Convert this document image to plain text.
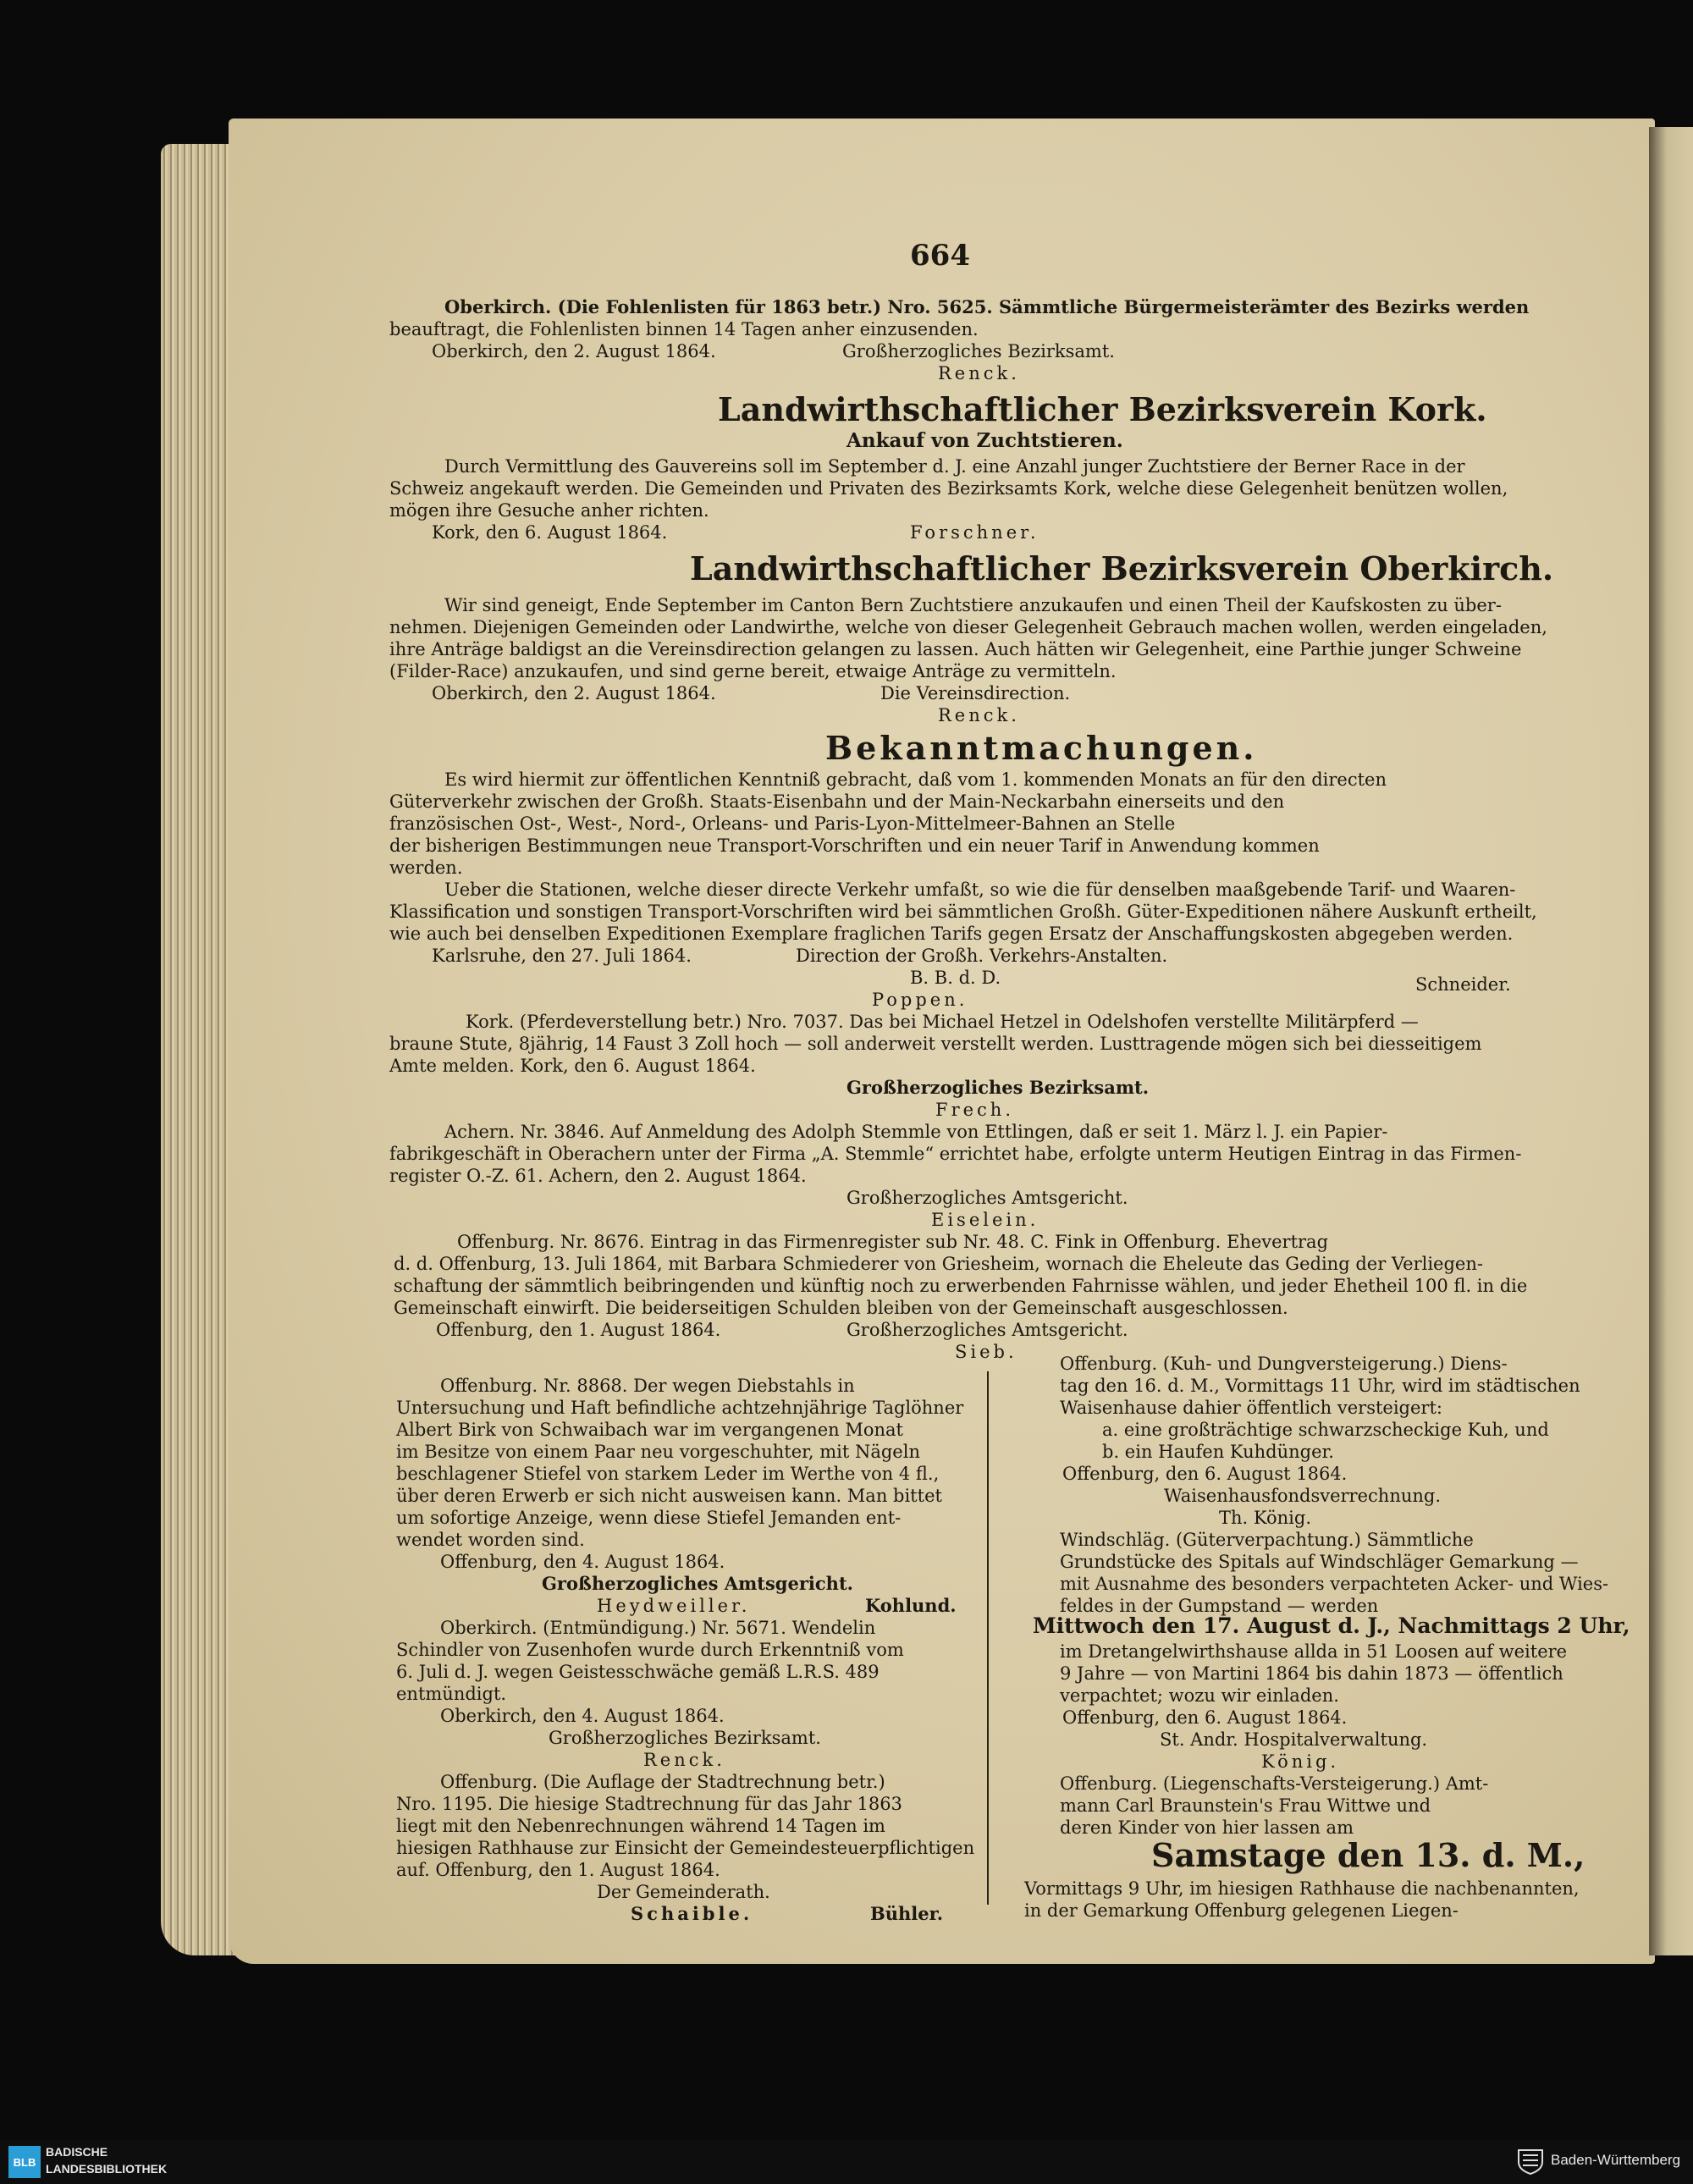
664
Oberkirch. (Die Fohlenlisten für 1863 betr.) Nro. 5625. Sämmtliche Bürgermeisterämter des Bezirks werden
beauftragt, die Fohlenlisten binnen 14 Tagen anher einzusenden.
Oberkirch, den 2. August 1864.	Großherzogliches Bezirksamt.
Renck.
Landwirthschaftlicher Bezirksverein Kork.
Ankauf von Zuchtstieren.
Durch Vermittlung des Gauvereins soll im September d. J. eine Anzahl junger Zuchtstiere der Berner Race in der
Schweiz angekauft werden. Die Gemeinden und Privaten des Bezirksamts Kork, welche diese Gelegenheit benützen wollen,
mögen ihre Gesuche anher richten.
Kork, den 6. August 1864.	Forschner.
Landwirthschaftlicher Bezirksverein Oberkirch.
Wir sind geneigt, Ende September im Canton Bern Zuchtstiere anzukaufen und einen Theil der Kaufskosten zu über-
nehmen. Diejenigen Gemeinden oder Landwirthe, welche von dieser Gelegenheit Gebrauch machen wollen, werden eingeladen,
ihre Anträge baldigst an die Vereinsdirection gelangen zu lassen. Auch hätten wir Gelegenheit, eine Parthie junger Schweine
(Filder-Race) anzukaufen, und sind gerne bereit, etwaige Anträge zu vermitteln.
Oberkirch, den 2. August 1864.	Die Vereinsdirection.
Renck.
Bekanntmachungen.
Es wird hiermit zur öffentlichen Kenntniß gebracht, daß vom 1. kommenden Monats an für den directen
Güterverkehr zwischen der Großh. Staats-Eisenbahn und der Main-Neckarbahn einerseits und den
französischen Ost-, West-, Nord-, Orleans- und Paris-Lyon-Mittelmeer-Bahnen an Stelle
der bisherigen Bestimmungen neue Transport-Vorschriften und ein neuer Tarif in Anwendung kommen
werden.
Ueber die Stationen, welche dieser directe Verkehr umfaßt, so wie die für denselben maaßgebende Tarif- und Waaren-
Klassification und sonstigen Transport-Vorschriften wird bei sämmtlichen Großh. Güter-Expeditionen nähere Auskunft ertheilt,
wie auch bei denselben Expeditionen Exemplare fraglichen Tarifs gegen Ersatz der Anschaffungskosten abgegeben werden.
Karlsruhe, den 27. Juli 1864.	Direction der Großh. Verkehrs-Anstalten.
B. B. d. D.	Schneider.
Poppen.
Kork. (Pferdeverstellung betr.) Nro. 7037. Das bei Michael Hetzel in Odelshofen verstellte Militärpferd —
braune Stute, 8jährig, 14 Faust 3 Zoll hoch — soll anderweit verstellt werden. Lusttragende mögen sich bei diesseitigem
Amte melden. Kork, den 6. August 1864.
Großherzogliches Bezirksamt.
Frech.
Achern. Nr. 3846. Auf Anmeldung des Adolph Stemmle von Ettlingen, daß er seit 1. März l. J. ein Papier-
fabrikgeschäft in Oberachern unter der Firma „A. Stemmle“ errichtet habe, erfolgte unterm Heutigen Eintrag in das Firmen-
register O.-Z. 61. Achern, den 2. August 1864.
Großherzogliches Amtsgericht.
Eiselein.
Offenburg. Nr. 8676. Eintrag in das Firmenregister sub Nr. 48. C. Fink in Offenburg. Ehevertrag
d. d. Offenburg, 13. Juli 1864, mit Barbara Schmiederer von Griesheim, wornach die Eheleute das Geding der Verliegen-
schaftung der sämmtlich beibringenden und künftig noch zu erwerbenden Fahrnisse wählen, und jeder Ehetheil 100 fl. in die
Gemeinschaft einwirft. Die beiderseitigen Schulden bleiben von der Gemeinschaft ausgeschlossen.
Offenburg, den 1. August 1864.	Großherzogliches Amtsgericht.
Sieb.
Offenburg. Nr. 8868. Der wegen Diebstahls in
Untersuchung und Haft befindliche achtzehnjährige Taglöhner
Albert Birk von Schwaibach war im vergangenen Monat
im Besitze von einem Paar neu vorgeschuhter, mit Nägeln
beschlagener Stiefel von starkem Leder im Werthe von 4 fl.,
über deren Erwerb er sich nicht ausweisen kann. Man bittet
um sofortige Anzeige, wenn diese Stiefel Jemanden ent-
wendet worden sind.
Offenburg, den 4. August 1864.
Großherzogliches Amtsgericht.
Heydweiller.	Kohlund.
Oberkirch. (Entmündigung.) Nr. 5671. Wendelin
Schindler von Zusenhofen wurde durch Erkenntniß vom
6. Juli d. J. wegen Geistesschwäche gemäß L.R.S. 489
entmündigt.
Oberkirch, den 4. August 1864.
Großherzogliches Bezirksamt.
Renck.
Offenburg. (Die Auflage der Stadtrechnung betr.)
Nro. 1195. Die hiesige Stadtrechnung für das Jahr 1863
liegt mit den Nebenrechnungen während 14 Tagen im
hiesigen Rathhause zur Einsicht der Gemeindesteuerpflichtigen
auf. Offenburg, den 1. August 1864.
Der Gemeinderath.
Schaible.	Bühler.
Offenburg. (Kuh- und Dungversteigerung.) Diens-
tag den 16. d. M., Vormittags 11 Uhr, wird im städtischen
Waisenhause dahier öffentlich versteigert:
a. eine großträchtige schwarzscheckige Kuh, und
b. ein Haufen Kuhdünger.
Offenburg, den 6. August 1864.
Waisenhausfondsverrechnung.
Th. König.
Windschläg. (Güterverpachtung.) Sämmtliche
Grundstücke des Spitals auf Windschläger Gemarkung —
mit Ausnahme des besonders verpachteten Acker- und Wies-
feldes in der Gumpstand — werden
Mittwoch den 17. August d. J., Nachmittags 2 Uhr,
im Dretangelwirthshause allda in 51 Loosen auf weitere
9 Jahre — von Martini 1864 bis dahin 1873 — öffentlich
verpachtet; wozu wir einladen.
Offenburg, den 6. August 1864.
St. Andr. Hospitalverwaltung.
König.
Offenburg. (Liegenschafts-Versteigerung.) Amt-
mann Carl Braunstein's Frau Wittwe und
deren Kinder von hier lassen am
Samstage den 13. d. M.,
Vormittags 9 Uhr, im hiesigen Rathhause die nachbenannten,
in der Gemarkung Offenburg gelegenen Liegen-
BLB
BADISCHE
LANDESBIBLIOTHEK
Baden-Württemberg
